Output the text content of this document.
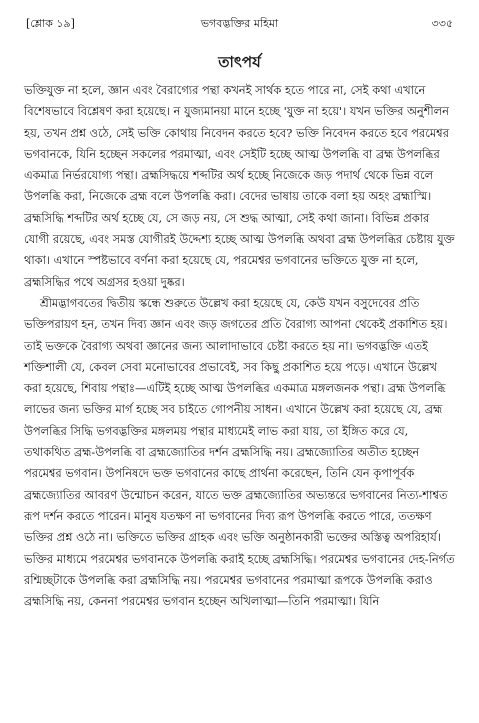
[শ্লোক ১৯]	ভগবদ্ভক্তির মহিমা	৩৩৫
তাৎপর্য

ভক্তিযুক্ত না হলে, জ্ঞান এবং বৈরাগ্যের পন্থা কখনই সার্থক হতে পারে না, সেই কথা এখানে বিশেষভাবে বিশ্লেষণ করা হয়েছে। ন যুজ্যমানয়া মানে হচ্ছে 'যুক্ত না হয়ে'। যখন ভক্তির অনুশীলন হয়, তখন প্রশ্ন ওঠে, সেই ভক্তি কোথায় নিবেদন করতে হবে? ভক্তি নিবেদন করতে হবে পরমেশ্বর ভগবানকে, যিনি হচ্ছেন সকলের পরমাত্মা, এবং সেইটি হচ্ছে আত্ম উপলব্ধি বা ব্রহ্ম উপলব্ধির একমাত্র নির্ভরযোগ্য পন্থা। ব্রহ্মসিদ্ধয়ে শব্দটির অর্থ হচ্ছে নিজেকে জড় পদার্থ থেকে ভিন্ন বলে উপলব্ধি করা, নিজেকে ব্রহ্ম বলে উপলব্ধি করা। বেদের ভাষায় তাকে বলা হয় অহং ব্রহ্মাস্মি। ব্রহ্মসিদ্ধি শব্দটির অর্থ হচ্ছে যে, সে জড় নয়, সে শুদ্ধ আত্মা, সেই কথা জানা। বিভিন্ন প্রকার যোগী রয়েছে, এবং সমস্ত যোগীরই উদ্দেশ্য হচ্ছে আত্ম উপলব্ধি অথবা ব্রহ্ম উপলব্ধির চেষ্টায় যুক্ত থাকা। এখানে স্পষ্টভাবে বর্ণনা করা হয়েছে যে, পরমেশ্বর ভগবানের ভক্তিতে যুক্ত না হলে, ব্রহ্মসিদ্ধির পথে অগ্রসর হওয়া দুষ্কর।

শ্রীমদ্ভাগবতের দ্বিতীয় স্কন্ধে শুরুতে উল্লেখ করা হয়েছে যে, কেউ যখন বসুদেবের প্রতি ভক্তিপরায়ণ হন, তখন দিব্য জ্ঞান এবং জড় জগতের প্রতি বৈরাগ্য আপনা থেকেই প্রকাশিত হয়। তাই ভক্তকে বৈরাগ্য অথবা জ্ঞানের জন্য আলাদাভাবে চেষ্টা করতে হয় না। ভগবদ্ভক্তি এতই শক্তিশালী যে, কেবল সেবা মনোভাবের প্রভাবেই, সব কিছু প্রকাশিত হয়ে পড়ে। এখানে উল্লেখ করা হয়েছে, শিবায় পন্থাঃ—এটিই হচ্ছে আত্ম উপলব্ধির একমাত্র মঙ্গলজনক পন্থা। ব্রহ্ম উপলব্ধি লাভের জন্য ভক্তির মার্গ হচ্ছে সব চাইতে গোপনীয় সাধন। এখানে উল্লেখ করা হয়েছে যে, ব্রহ্ম উপলব্ধির সিদ্ধি ভগবদ্ভক্তির মঙ্গলময় পন্থার মাধ্যমেই লাভ করা যায়, তা ইঙ্গিত করে যে, তথাকথিত ব্রহ্ম-উপলব্ধি বা ব্রহ্মজ্যোতির দর্শন ব্রহ্মসিদ্ধি নয়। ব্রহ্মজ্যোতির অতীত হচ্ছেন পরমেশ্বর ভগবান। উপনিষদে ভক্ত ভগবানের কাছে প্রার্থনা করেছেন, তিনি যেন কৃপাপূর্বক ব্রহ্মজ্যোতির আবরণ উন্মোচন করেন, যাতে ভক্ত ব্রহ্মজ্যোতির অভ্যন্তরে ভগবানের নিত্য-শাশ্বত রূপ দর্শন করতে পারেন। মানুষ যতক্ষণ না ভগবানের দিব্য রূপ উপলব্ধি করতে পারে, ততক্ষণ ভক্তির প্রশ্ন ওঠে না। ভক্তিতে ভক্তির গ্রাহক এবং ভক্তি অনুষ্ঠানকারী ভক্তের অস্তিত্ব অপরিহার্য। ভক্তির মাধ্যমে পরমেশ্বর ভগবানকে উপলব্ধি করাই হচ্ছে ব্রহ্মসিদ্ধি। পরমেশ্বর ভগবানের দেহ-নির্গত রশ্মিচ্ছটাকে উপলব্ধি করা ব্রহ্মসিদ্ধি নয়। পরমেশ্বর ভগবানের পরমাত্মা রূপকে উপলব্ধি করাও ব্রহ্মসিদ্ধি নয়, কেননা পরমেশ্বর ভগবান হচ্ছেন অখিলাত্মা—তিনি পরমাত্মা। যিনি
